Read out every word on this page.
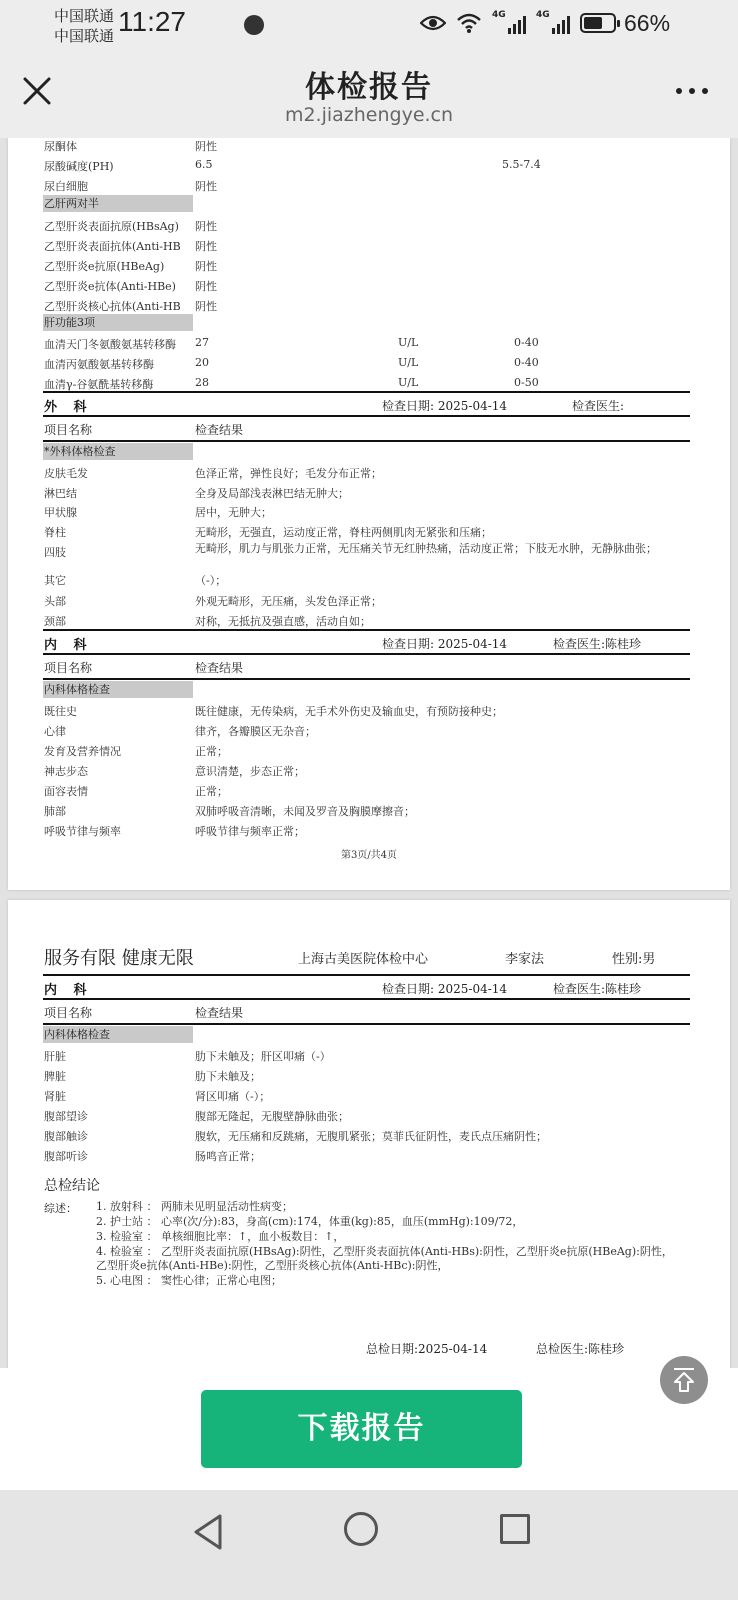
中国联通
中国联通 11:27	4G	4G	66%
体检报告
m2.jiazhengye.cn
尿酮体	阴性
尿酸碱度(PH)	6.5	5.5-7.4
尿白细胞	阴性
乙肝两对半
乙型肝炎表面抗原(HBsAg) 阴性
乙型肝炎表面抗体(Anti-HB 阴性
乙型肝炎e抗原(HBeAg)	阴性
乙型肝炎e抗体(Anti-HBe) 阴性
乙型肝炎核心抗体(Anti-HB 阴性
肝功能3项
血清天门冬氨酸氨基转移酶 27	U/L	0-40
血清丙氨酸氨基转移酶	20	U/L	0-40
血清γ-谷氨酰基转移酶	28	U/L	0-50
外 科	检查日期: 2025-04-14	检查医生:
项目名称	检查结果
*外科体格检查
皮肤毛发	色泽正常，弹性良好；毛发分布正常；
淋巴结	全身及局部浅表淋巴结无肿大；
甲状腺	居中，无肿大；
脊柱	无畸形，无强直，运动度正常，脊柱两侧肌肉无紧张和压痛；
四肢	无畸形，肌力与肌张力正常，无压痛关节无红肿热痛，活动度正常；下肢无水肿，无静脉曲张；
其它	（-）；
头部	外观无畸形，无压痛，头发色泽正常；
颈部	对称，无抵抗及强直感，活动自如；
内 科	检查日期: 2025-04-14	检查医生:陈桂珍
项目名称	检查结果
内科体格检查
既往史	既往健康，无传染病，无手术外伤史及输血史，有预防接种史；
心律	律齐，各瓣膜区无杂音；
发育及营养情况	正常；
神志步态	意识清楚，步态正常；
面容表情	正常；
肺部	双肺呼吸音清晰，未闻及罗音及胸膜摩擦音；
呼吸节律与频率	呼吸节律与频率正常；
第3页/共4页
服务有限 健康无限	上海古美医院体检中心	李家法	性别:男
内 科	检查日期: 2025-04-14	检查医生:陈桂珍
项目名称	检查结果
内科体格检查
肝脏	肋下未触及；肝区叩痛（-）
脾脏	肋下未触及；
肾脏	肾区叩痛（-）；
腹部望诊	腹部无隆起，无腹壁静脉曲张；
腹部触诊	腹软，无压痛和反跳痛，无腹肌紧张；莫菲氏征阴性，麦氏点压痛阴性；
腹部听诊	肠鸣音正常；
总检结论
综述： 1. 放射科 ： 两肺未见明显活动性病变；
2. 护士站 ： 心率(次/分):83，身高(cm):174，体重(kg):85，血压(mmHg):109/72，
3. 检验室 ： 单核细胞比率：↑，血小板数目：↑，
4. 检验室 ： 乙型肝炎表面抗原(HBsAg):阴性，乙型肝炎表面抗体(Anti-HBs):阴性，乙型肝炎e抗原(HBeAg):阴性，乙型肝炎e抗体(Anti-HBe):阴性，乙型肝炎核心抗体(Anti-HBc):阴性，
5. 心电图 ： 窦性心律；正常心电图；
总检日期:2025-04-14	总检医生:陈桂珍
下载报告
